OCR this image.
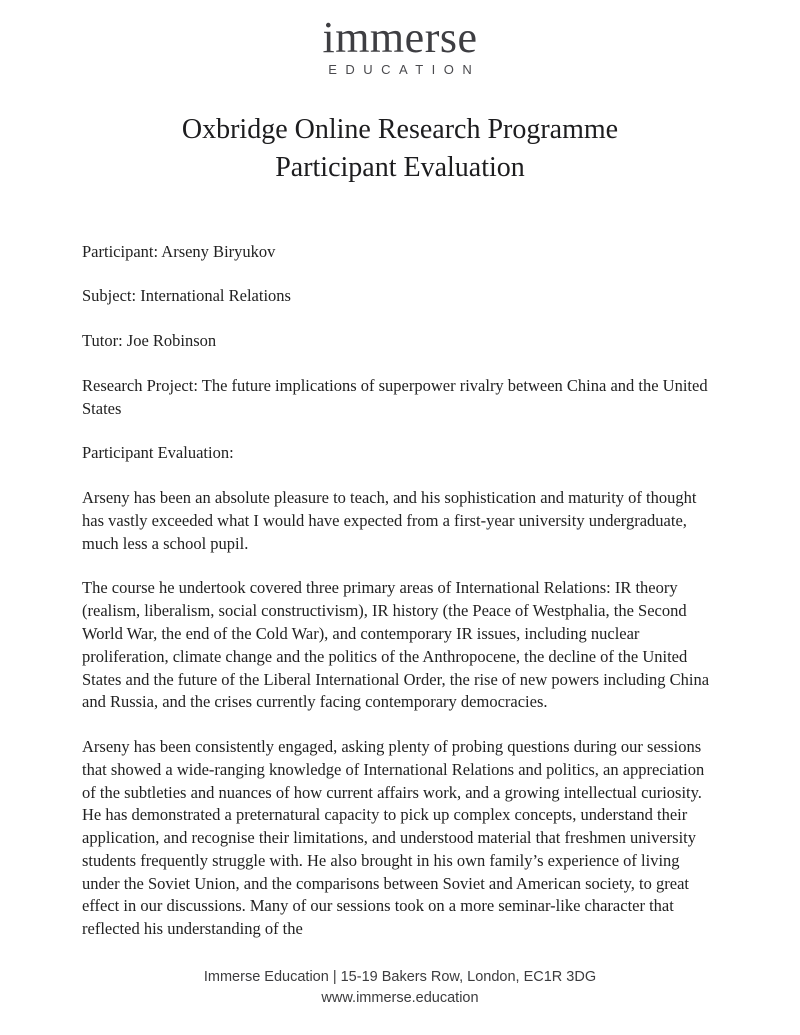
immerse
EDUCATION
Oxbridge Online Research Programme
Participant Evaluation

Participant: Arseny Biryukov

Subject: International Relations

Tutor: Joe Robinson

Research Project: The future implications of superpower rivalry between China and the United States

Participant Evaluation:

Arseny has been an absolute pleasure to teach, and his sophistication and maturity of thought has vastly exceeded what I would have expected from a first-year university undergraduate, much less a school pupil.

The course he undertook covered three primary areas of International Relations: IR theory (realism, liberalism, social constructivism), IR history (the Peace of Westphalia, the Second World War, the end of the Cold War), and contemporary IR issues, including nuclear proliferation, climate change and the politics of the Anthropocene, the decline of the United States and the future of the Liberal International Order, the rise of new powers including China and Russia, and the crises currently facing contemporary democracies.

Arseny has been consistently engaged, asking plenty of probing questions during our sessions that showed a wide-ranging knowledge of International Relations and politics, an appreciation of the subtleties and nuances of how current affairs work, and a growing intellectual curiosity. He has demonstrated a preternatural capacity to pick up complex concepts, understand their application, and recognise their limitations, and understood material that freshmen university students frequently struggle with. He also brought in his own family’s experience of living under the Soviet Union, and the comparisons between Soviet and American society, to great effect in our discussions. Many of our sessions took on a more seminar-like character that reflected his understanding of the

Immerse Education | 15-19 Bakers Row, London, EC1R 3DG
www.immerse.education
